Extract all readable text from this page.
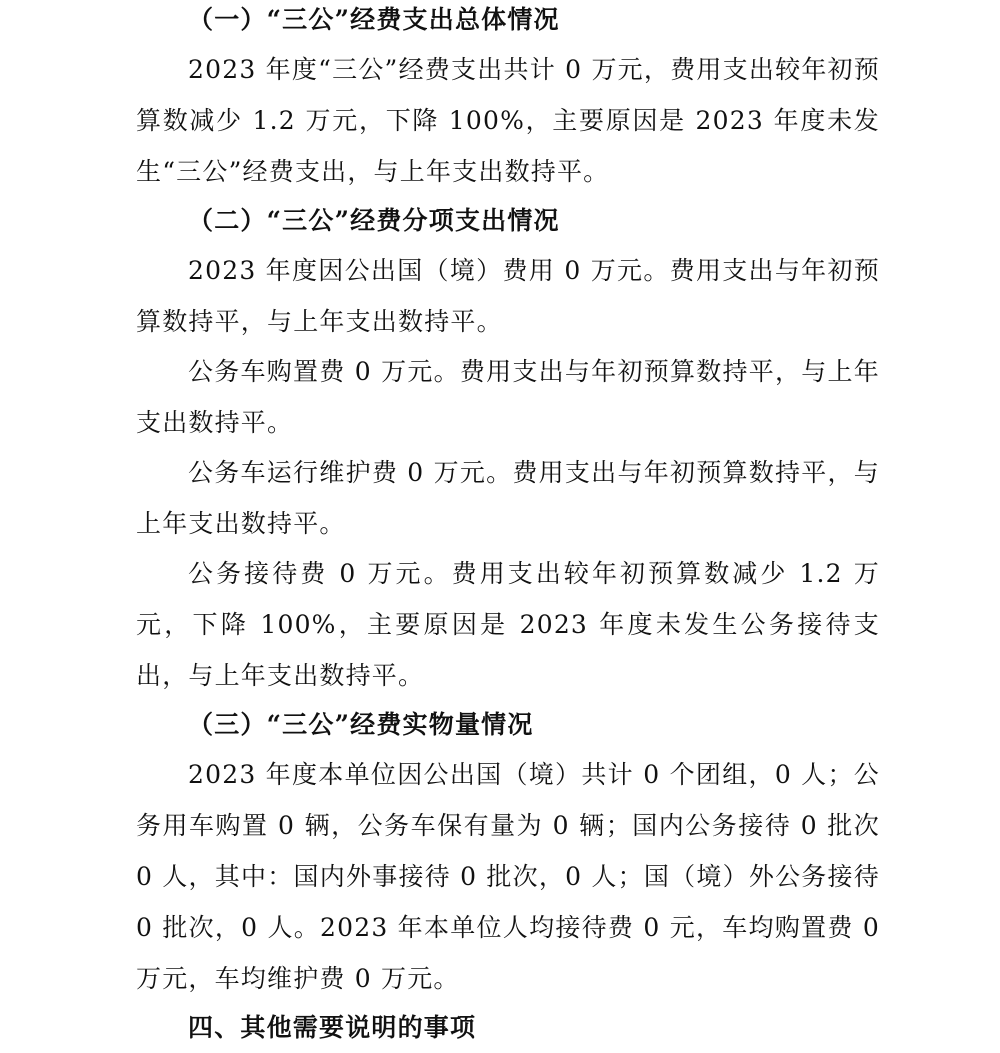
（一）“三公”经费支出总体情况

2023 年度“三公”经费支出共计 0 万元，费用支出较年初预算数减少 1.2 万元，下降 100%，主要原因是 2023 年度未发生“三公”经费支出，与上年支出数持平。

（二）“三公”经费分项支出情况

2023 年度因公出国（境）费用 0 万元。费用支出与年初预算数持平，与上年支出数持平。

公务车购置费 0 万元。费用支出与年初预算数持平，与上年支出数持平。

公务车运行维护费 0 万元。费用支出与年初预算数持平，与上年支出数持平。

公务接待费 0 万元。费用支出较年初预算数减少 1.2 万元，下降 100%，主要原因是 2023 年度未发生公务接待支出，与上年支出数持平。

（三）“三公”经费实物量情况

2023 年度本单位因公出国（境）共计 0 个团组，0 人；公务用车购置 0 辆，公务车保有量为 0 辆；国内公务接待 0 批次 0 人，其中：国内外事接待 0 批次，0 人；国（境）外公务接待 0 批次，0 人。2023 年本单位人均接待费 0 元，车均购置费 0 万元，车均维护费 0 万元。

四、其他需要说明的事项
